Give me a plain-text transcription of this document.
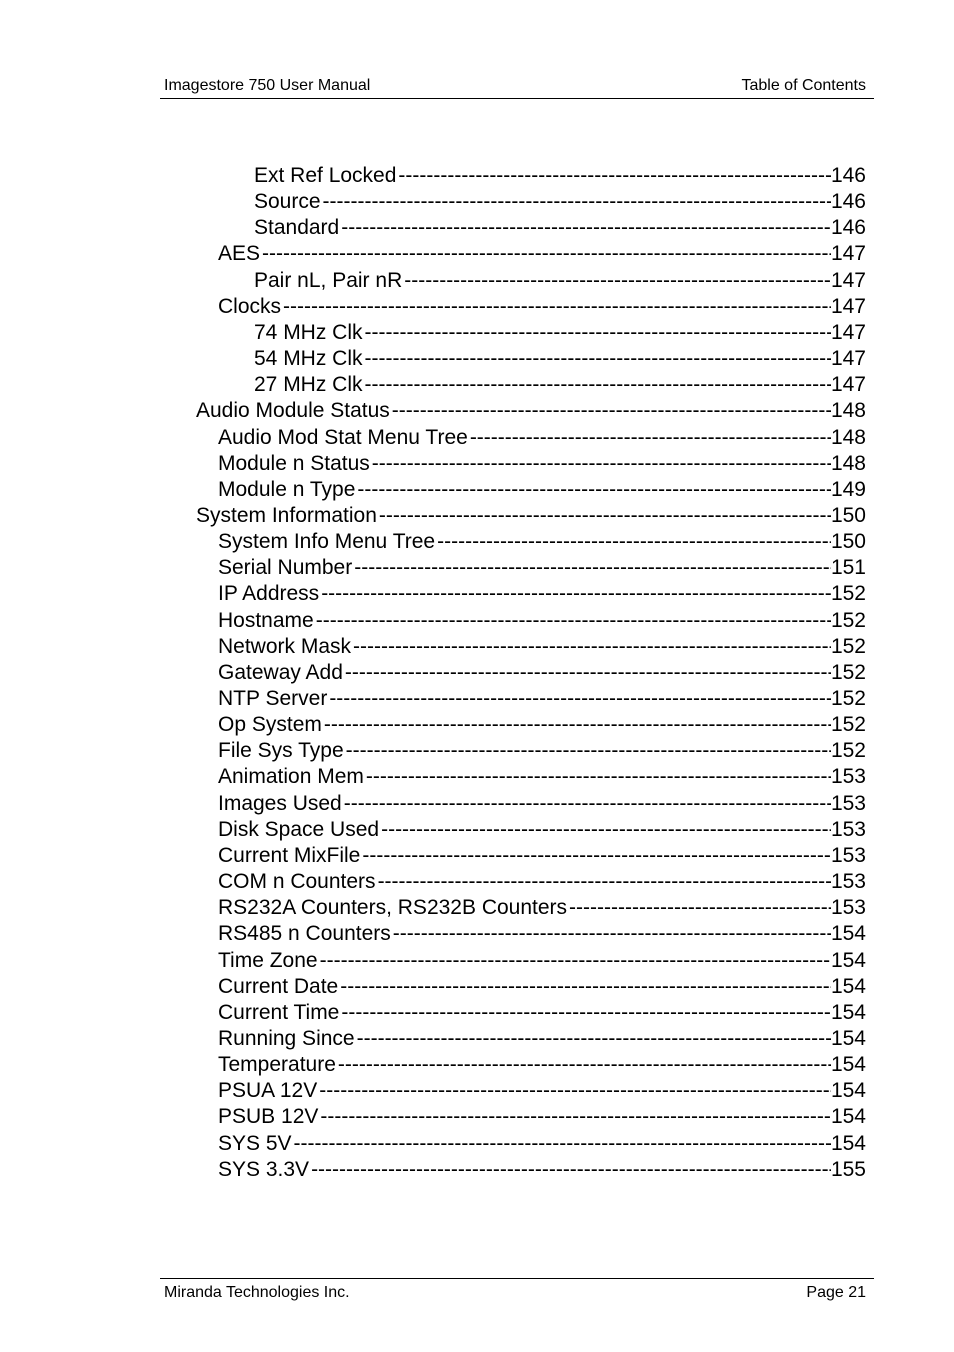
Imagestore 750 User Manual	Table of Contents
Ext Ref Locked -----	146
Source -----	146
Standard -----	146
AES -----	147
Pair nL, Pair nR -----	147
Clocks -----	147
74 MHz Clk -----	147
54 MHz Clk -----	147
27 MHz Clk -----	147
Audio Module Status -----	148
Audio Mod Stat Menu Tree -----	148
Module n Status -----	148
Module n Type -----	149
System Information -----	150
System Info Menu Tree -----	150
Serial Number -----	151
IP Address -----	152
Hostname -----	152
Network Mask -----	152
Gateway Add -----	152
NTP Server -----	152
Op System -----	152
File Sys Type -----	152
Animation Mem -----	153
Images Used -----	153
Disk Space Used -----	153
Current MixFile -----	153
COM n Counters -----	153
RS232A Counters, RS232B Counters -----	153
RS485 n Counters -----	154
Time Zone -----	154
Current Date -----	154
Current Time -----	154
Running Since -----	154
Temperature -----	154
PSUA 12V -----	154
PSUB 12V -----	154
SYS 5V -----	154
SYS 3.3V -----	155
Miranda Technologies Inc.	Page 21
